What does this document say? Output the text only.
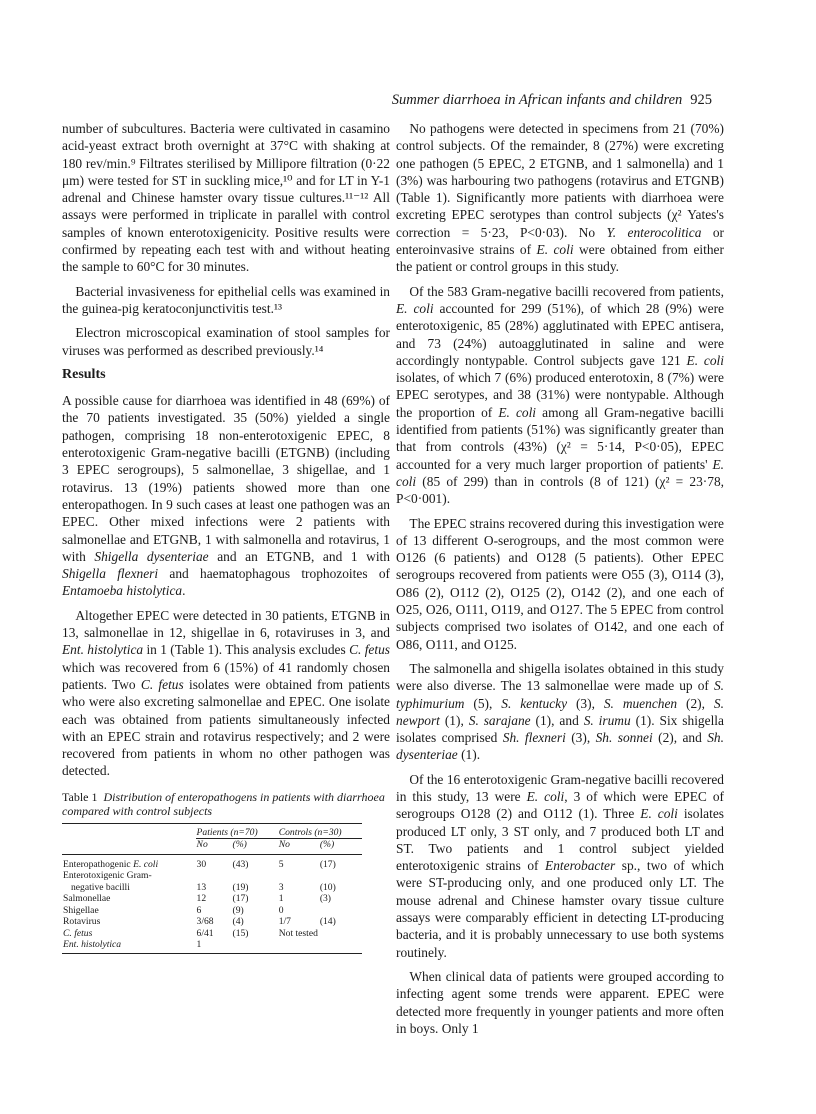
Summer diarrhoea in African infants and children 925

number of subcultures. Bacteria were cultivated in casamino acid-yeast extract broth overnight at 37°C with shaking at 180 rev/min.⁹ Filtrates sterilised by Millipore filtration (0·22 μm) were tested for ST in suckling mice,¹⁰ and for LT in Y-1 adrenal and Chinese hamster ovary tissue cultures.¹¹⁻¹² All assays were performed in triplicate in parallel with control samples of known enterotoxigenicity. Positive results were confirmed by repeating each test with and without heating the sample to 60°C for 30 minutes.

Bacterial invasiveness for epithelial cells was examined in the guinea-pig keratoconjunctivitis test.¹³

Electron microscopical examination of stool samples for viruses was performed as described previously.¹⁴

Results

A possible cause for diarrhoea was identified in 48 (69%) of the 70 patients investigated. 35 (50%) yielded a single pathogen, comprising 18 non-enterotoxigenic EPEC, 8 enterotoxigenic Gram-negative bacilli (ETGNB) (including 3 EPEC serogroups), 5 salmonellae, 3 shigellae, and 1 rotavirus. 13 (19%) patients showed more than one enteropathogen. In 9 such cases at least one pathogen was an EPEC. Other mixed infections were 2 patients with salmonellae and ETGNB, 1 with salmonella and rotavirus, 1 with Shigella dysenteriae and an ETGNB, and 1 with Shigella flexneri and haematophagous trophozoites of Entamoeba histolytica.

Altogether EPEC were detected in 30 patients, ETGNB in 13, salmonellae in 12, shigellae in 6, rotaviruses in 3, and Ent. histolytica in 1 (Table 1). This analysis excludes C. fetus which was recovered from 6 (15%) of 41 randomly chosen patients. Two C. fetus isolates were obtained from patients who were also excreting salmonellae and EPEC. One isolate each was obtained from patients simultaneously infected with an EPEC strain and rotavirus respectively; and 2 were recovered from patients in whom no other pathogen was detected.

Table 1 Distribution of enteropathogens in patients with diarrhoea compared with control subjects
	Patients (n=70)		Controls (n=30)	
	No	(%)	No	(%)
Enteropathogenic E. coli	30	(43)	5	(17)
Enterotoxigenic Gram-
negative bacilli	13	(19)	3	(10)
Salmonellae	12	(17)	1	(3)
Shigellae	6	(9)	0	
Rotavirus	3/68	(4)	1/7	(14)
C. fetus	6/41	(15)	Not tested	
Ent. histolytica	1			

No pathogens were detected in specimens from 21 (70%) control subjects. Of the remainder, 8 (27%) were excreting one pathogen (5 EPEC, 2 ETGNB, and 1 salmonella) and 1 (3%) was harbouring two pathogens (rotavirus and ETGNB) (Table 1). Significantly more patients with diarrhoea were excreting EPEC serotypes than control subjects (χ² Yates's correction = 5·23, P<0·03). No Y. enterocolitica or enteroinvasive strains of E. coli were obtained from either the patient or control groups in this study.

Of the 583 Gram-negative bacilli recovered from patients, E. coli accounted for 299 (51%), of which 28 (9%) were enterotoxigenic, 85 (28%) agglutinated with EPEC antisera, and 73 (24%) autoagglutinated in saline and were accordingly nontypable. Control subjects gave 121 E. coli isolates, of which 7 (6%) produced enterotoxin, 8 (7%) were EPEC serotypes, and 38 (31%) were nontypable. Although the proportion of E. coli among all Gram-negative bacilli identified from patients (51%) was significantly greater than that from controls (43%) (χ² = 5·14, P<0·05), EPEC accounted for a very much larger proportion of patients' E. coli (85 of 299) than in controls (8 of 121) (χ² = 23·78, P<0·001).

The EPEC strains recovered during this investigation were of 13 different O-serogroups, and the most common were O126 (6 patients) and O128 (5 patients). Other EPEC serogroups recovered from patients were O55 (3), O114 (3), O86 (2), O112 (2), O125 (2), O142 (2), and one each of O25, O26, O111, O119, and O127. The 5 EPEC from control subjects comprised two isolates of O142, and one each of O86, O111, and O125.

The salmonella and shigella isolates obtained in this study were also diverse. The 13 salmonellae were made up of S. typhimurium (5), S. kentucky (3), S. muenchen (2), S. newport (1), S. sarajane (1), and S. irumu (1). Six shigella isolates comprised Sh. flexneri (3), Sh. sonnei (2), and Sh. dysenteriae (1).

Of the 16 enterotoxigenic Gram-negative bacilli recovered in this study, 13 were E. coli, 3 of which were EPEC of serogroups O128 (2) and O112 (1). Three E. coli isolates produced LT only, 3 ST only, and 7 produced both LT and ST. Two patients and 1 control subject yielded enterotoxigenic strains of Enterobacter sp., two of which were ST-producing only, and one produced only LT. The mouse adrenal and Chinese hamster ovary tissue culture assays were comparably efficient in detecting LT-producing bacteria, and it is probably unnecessary to use both systems routinely.

When clinical data of patients were grouped according to infecting agent some trends were apparent. EPEC were detected more frequently in younger patients and more often in boys. Only 1
